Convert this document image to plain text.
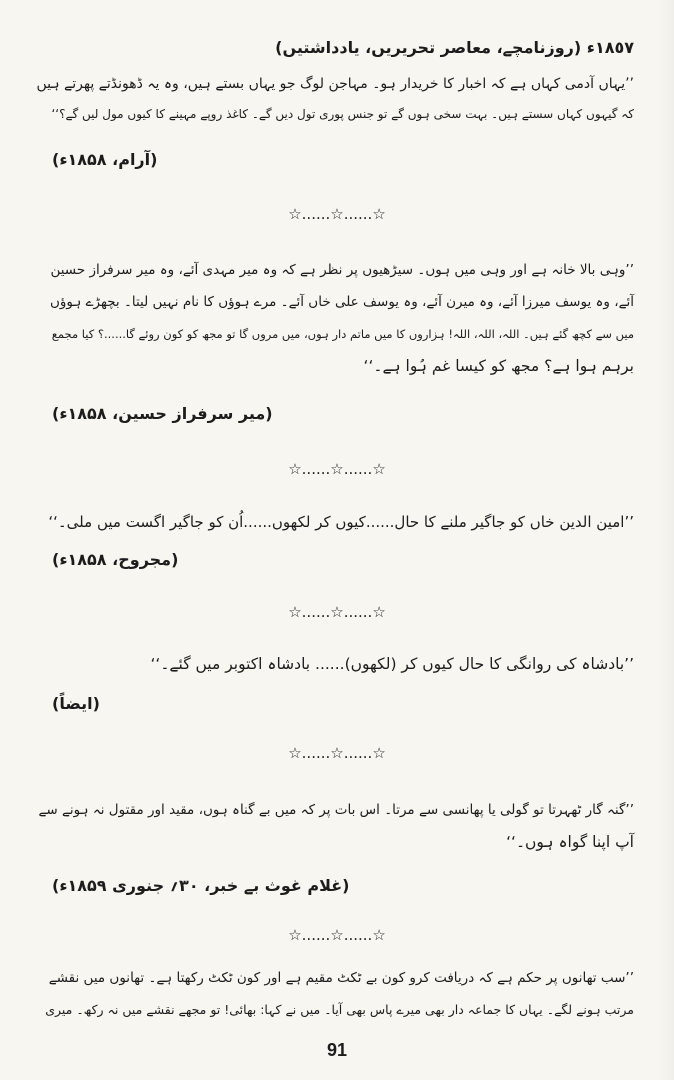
١٨٥٧ء (روزنامچے، معاصر تحریریں، یادداشتیں)
’’یہاں آدمی کہاں ہے کہ اخبار کا خریدار ہو۔ مہاجن لوگ جو یہاں بستے ہیں، وہ یہ ڈھونڈتے پھرتے ہیں
کہ گیہوں کہاں سستے ہیں۔ بہت سخی ہوں گے تو جنس پوری تول دیں گے۔ کاغذ روپے مہینے کا کیوں مول لیں گے؟‘‘
(آرام، ۱۸۵۸ء)
☆......☆......☆
’’وہی بالا خانہ ہے اور وہی میں ہوں۔ سیڑھیوں پر نظر ہے کہ وہ میر مہدی آئے، وہ میر سرفراز حسین
آئے، وہ یوسف میرزا آئے، وہ میرن آئے، وہ یوسف علی خاں آئے۔ مرے ہوؤں کا نام نہیں لیتا۔ بچھڑے ہوؤں
میں سے کچھ گئے ہیں۔ اللہ، اللہ، اللہ! ہزاروں کا میں ماتم دار ہوں، میں مروں گا تو مجھ کو کون روئے گا......؟ کیا مجمع
برہم ہوا ہے؟ مجھ کو کیسا غم ہُوا ہے۔‘‘
(میر سرفراز حسین، ۱۸۵۸ء)
☆......☆......☆
’’امین الدین خاں کو جاگیر ملنے کا حال......کیوں کر لکھوں......اُن کو جاگیر اگست میں ملی۔‘‘
(مجروح، ۱۸۵۸ء)
☆......☆......☆
’’بادشاہ کی روانگی کا حال کیوں کر (لکھوں)...... بادشاہ اکتوبر میں گئے۔‘‘
(ایضاً)
☆......☆......☆
’’گنہ گار ٹھہرتا تو گولی یا پھانسی سے مرتا۔ اس بات پر کہ میں بے گناہ ہوں، مقید اور مقتول نہ ہونے سے
آپ اپنا گواہ ہوں۔‘‘
(غلام غوث بے خبر، ۳۰؍ جنوری ۱۸۵۹ء)
☆......☆......☆
’’سب تھانوں پر حکم ہے کہ دریافت کرو کون بے ٹکٹ مقیم ہے اور کون ٹکٹ رکھتا ہے۔ تھانوں میں نقشے
مرتب ہونے لگے۔ یہاں کا جماعہ دار بھی میرے پاس بھی آیا۔ میں نے کہا: بھائی! تو مجھے نقشے میں نہ رکھ۔ میری
91
